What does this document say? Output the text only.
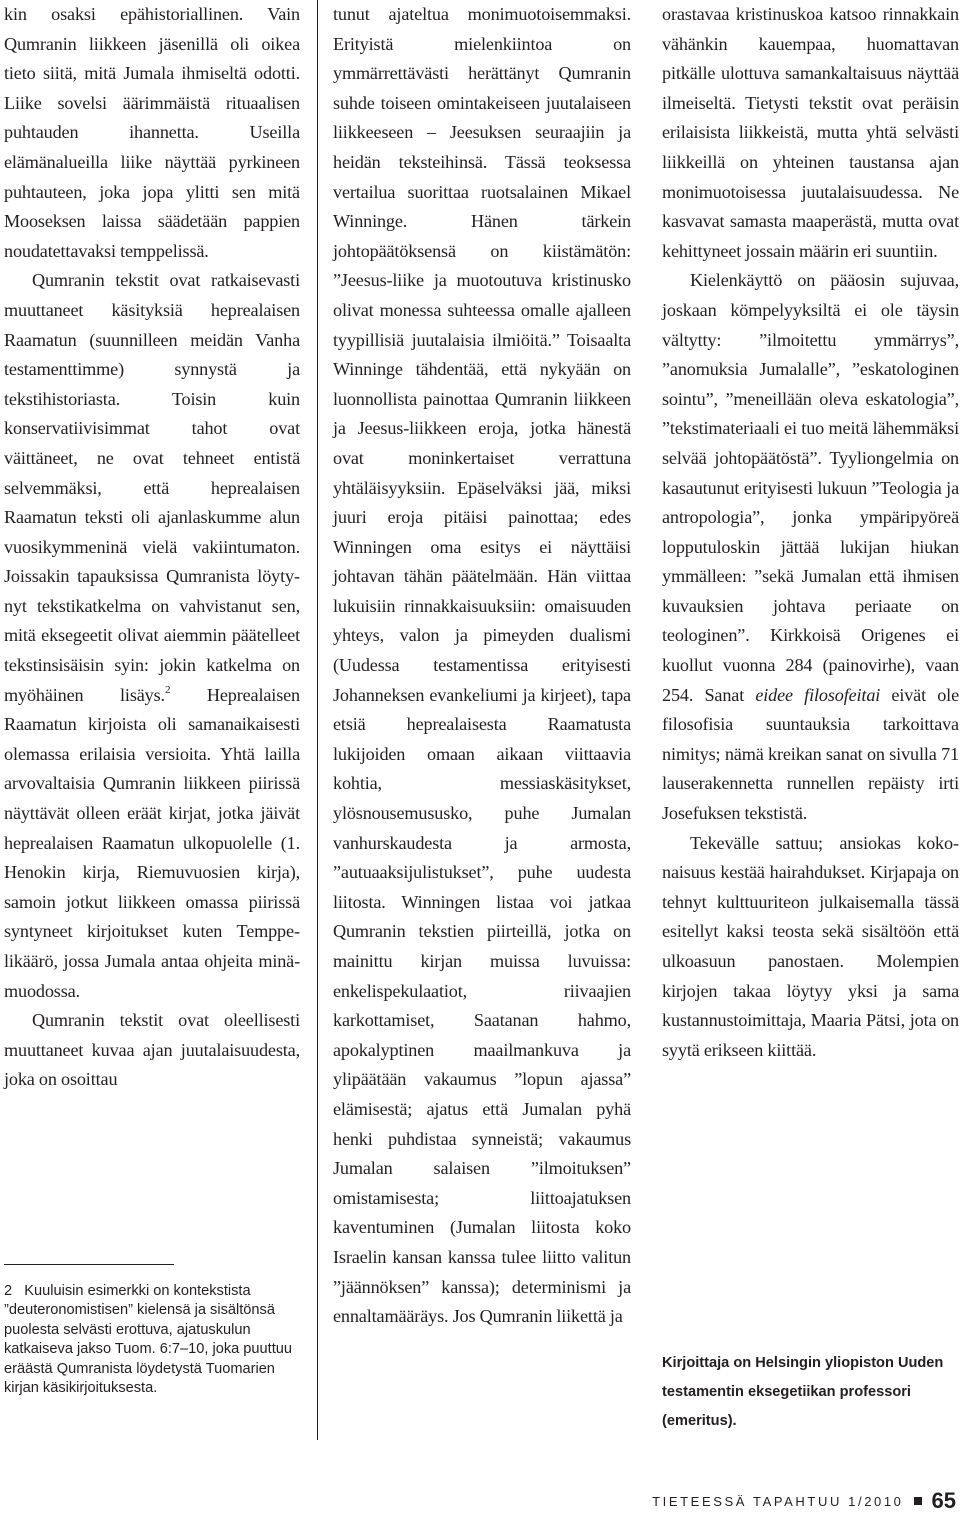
kin osaksi epähistoriallinen. Vain Qumranin liikkeen jäsenillä oli oikea tieto siitä, mitä Jumala ihmiseltä odotti. Liike sovelsi äärimmäistä rituaalisen puhtauden ihannetta. Useilla elämänalueilla liike näyttää pyrkineen puhtauteen, joka jopa ylitti sen mitä Mooseksen laissa säädetään pappien noudatettavaksi temppelissä.

Qumranin tekstit ovat ratkaisevasti muuttaneet käsityksiä heprealaisen Raamatun (suunnilleen meidän Vanha testamenttimme) synnystä ja tekstihistoriasta. Toisin kuin konservatiivisimmat tahot ovat väittäneet, ne ovat tehneet entistä selvemmäksi, että heprealaisen Raamatun teksti oli ajanlaskumme alun vuosikymmeninä vielä vakiintumaton. Joissakin tapauksissa Qumranista löytynyt tekstikatkelma on vahvistanut sen, mitä eksegeetit olivat aiemmin päätelleet tekstinsisäisin syin: jokin katkelma on myöhäinen lisäys.$^2$ Heprealaisen Raamatun kirjoista oli samanaikaisesti olemassa erilaisia versioita. Yhtä lailla arvovaltaisia Qumranin liikkeen piirissä näyttävät olleen eräät kirjat, jotka jäivät heprealaisen Raamatun ulkopuolelle (1. Henokin kirja, Riemuvuosien kirja), samoin jotkut liikkeen omassa piirissä syntyneet kirjoitukset kuten Temppelikäärö, jossa Jumala antaa ohjeita minä-muodossa.

Qumranin tekstit ovat oleellisesti muuttaneet kuvaa ajan juutalaisuudesta, joka on osoittau

2 Kuuluisin esimerkki on kontekstista ”deuteronomistisen” kielensä ja sisältönsä puolesta selvästi erottuva, ajatuskulun katkaiseva jakso Tuom. 6:7–10, joka puuttuu eräästä Qumranista löydetystä Tuomarien kirjan käsikirjoituksesta.

tunut ajateltua monimuotoisemmaksi. Erityistä mielenkiintoa on ymmärrettävästi herättänyt Qumranin suhde toiseen omintakeiseen juutalaiseen liikkeeseen – Jeesuksen seuraajiin ja heidän teksteihinsä. Tässä teoksessa vertailua suorittaa ruotsalainen Mikael Winninge. Hänen tärkein johtopäätöksensä on kiistämätön: ”Jeesus-liike ja muotoutuva kristinusko olivat monessa suhteessa omalle ajalleen tyypillisiä juutalaisia ilmiöitä.” Toisaalta Winninge tähdentää, että nykyään on luonnollista painottaa Qumranin liikkeen ja Jeesus-liikkeen eroja, jotka hänestä ovat moninkertaiset verrattuna yhtäläisyyksiin. Epäselväksi jää, miksi juuri eroja pitäisi painottaa; edes Winningen oma esitys ei näyttäisi johtavan tähän päätelmään. Hän viittaa lukuisiin rinnakkaisuuksiin: omaisuuden yhteys, valon ja pimeyden dualismi (Uudessa testamentissa erityisesti Johanneksen evankeliumi ja kirjeet), tapa etsiä heprealaisesta Raamatusta lukijoiden omaan aikaan viittaavia kohtia, messiaskäsitykset, ylösnousemususko, puhe Jumalan vanhurskaudesta ja armosta, ”autuaaksijulistukset”, puhe uudesta liitosta. Winningen listaa voi jatkaa Qumranin tekstien piirteillä, jotka on mainittu kirjan muissa luvuissa: enkelispekulaatiot, riivaajien karkottamiset, Saatanan hahmo, apokalyptinen maailmankuva ja ylipäätään vakaumus ”lopun ajassa” elämisestä; ajatus että Jumalan pyhä henki puhdistaa synneistä; vakaumus Jumalan salaisen ”ilmoituksen” omistamisesta; liittoajatuksen kaventuminen (Jumalan liitosta koko Israelin kansan kanssa tulee liitto valitun ”jäännöksen” kanssa); determinismi ja ennaltamääräys. Jos Qumranin liikettä ja

orastavaa kristinuskoa katsoo rinnakkain vähänkin kauempaa, huomattavan pitkälle ulottuva samankaltaisuus näyttää ilmeiseltä. Tietysti tekstit ovat peräisin erilaisista liikkeistä, mutta yhtä selvästi liikkeillä on yhteinen taustansa ajan monimuotoisessa juutalaisuudessa. Ne kasvavat samasta maaperästä, mutta ovat kehittyneet jossain määrin eri suuntiin.

Kielenkäyttö on pääosin sujuvaa, joskaan kömpelyyksiltä ei ole täysin vältytty: ”ilmoitettu ymmärrys”, ”anomuksia Jumalalle”, ”eskatologinen sointu”, ”meneillään oleva eskatologia”, ”tekstimateriaali ei tuo meitä lähemmäksi selvää johtopäätöstä”. Tyyliongelmia on kasautunut erityisesti lukuun ”Teologia ja antropologia”, jonka ympäripyöreä lopputuloskin jättää lukijan hiukan ymmälleen: ”sekä Jumalan että ihmisen kuvauksien johtava periaate on teologinen”. Kirkkoisä Origenes ei kuollut vuonna 284 (painovirhe), vaan 254. Sanat eidee filosofeitai eivät ole filosofisia suuntauksia tarkoittava nimitys; nämä kreikan sanat on sivulla 71 lauserakennetta runnellen repäisty irti Josefuksen tekstistä.

Tekevälle sattuu; ansiokas kokonaisuus kestää hairahdukset. Kirjapaja on tehnyt kulttuuriteon julkaisemalla tässä esitellyt kaksi teosta sekä sisältöön että ulkoasuun panostaen. Molempien kirjojen takaa löytyy yksi ja sama kustannustoimittaja, Maaria Pätsi, jota on syytä erikseen kiittää.

Kirjoittaja on Helsingin yliopiston Uuden testamentin eksegetiikan professori (emeritus).

TIETEESSÄ TAPAHTUU 1/2010 65
